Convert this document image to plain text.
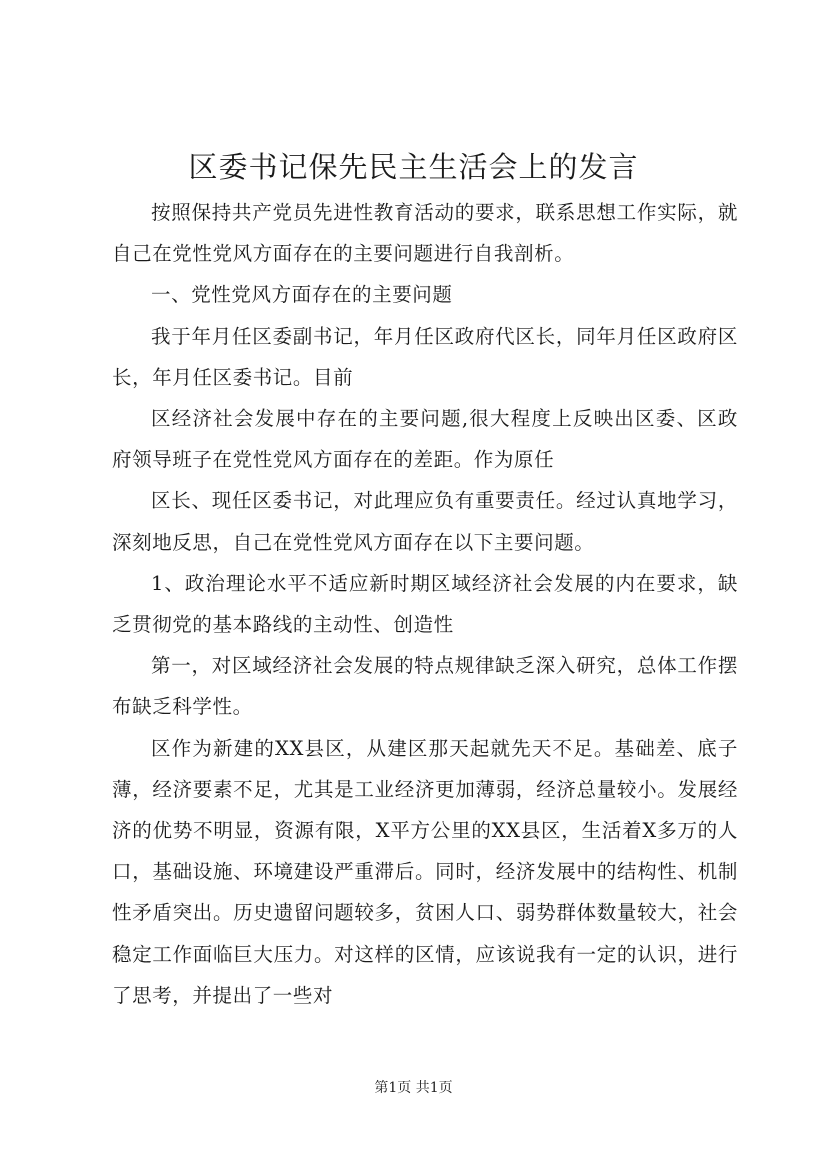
区委书记保先民主生活会上的发言

按照保持共产党员先进性教育活动的要求，联系思想工作实际，就自己在党性党风方面存在的主要问题进行自我剖析。

一、党性党风方面存在的主要问题

我于年月任区委副书记，年月任区政府代区长，同年月任区政府区长，年月任区委书记。目前

区经济社会发展中存在的主要问题,很大程度上反映出区委、区政府领导班子在党性党风方面存在的差距。作为原任

区长、现任区委书记，对此理应负有重要责任。经过认真地学习，深刻地反思，自己在党性党风方面存在以下主要问题。

1、政治理论水平不适应新时期区域经济社会发展的内在要求，缺乏贯彻党的基本路线的主动性、创造性

第一，对区域经济社会发展的特点规律缺乏深入研究，总体工作摆布缺乏科学性。

区作为新建的XX县区，从建区那天起就先天不足。基础差、底子薄，经济要素不足，尤其是工业经济更加薄弱，经济总量较小。发展经济的优势不明显，资源有限，X平方公里的XX县区，生活着X多万的人口，基础设施、环境建设严重滞后。同时，经济发展中的结构性、机制性矛盾突出。历史遗留问题较多，贫困人口、弱势群体数量较大，社会稳定工作面临巨大压力。对这样的区情，应该说我有一定的认识，进行了思考，并提出了一些对

第1页 共1页
